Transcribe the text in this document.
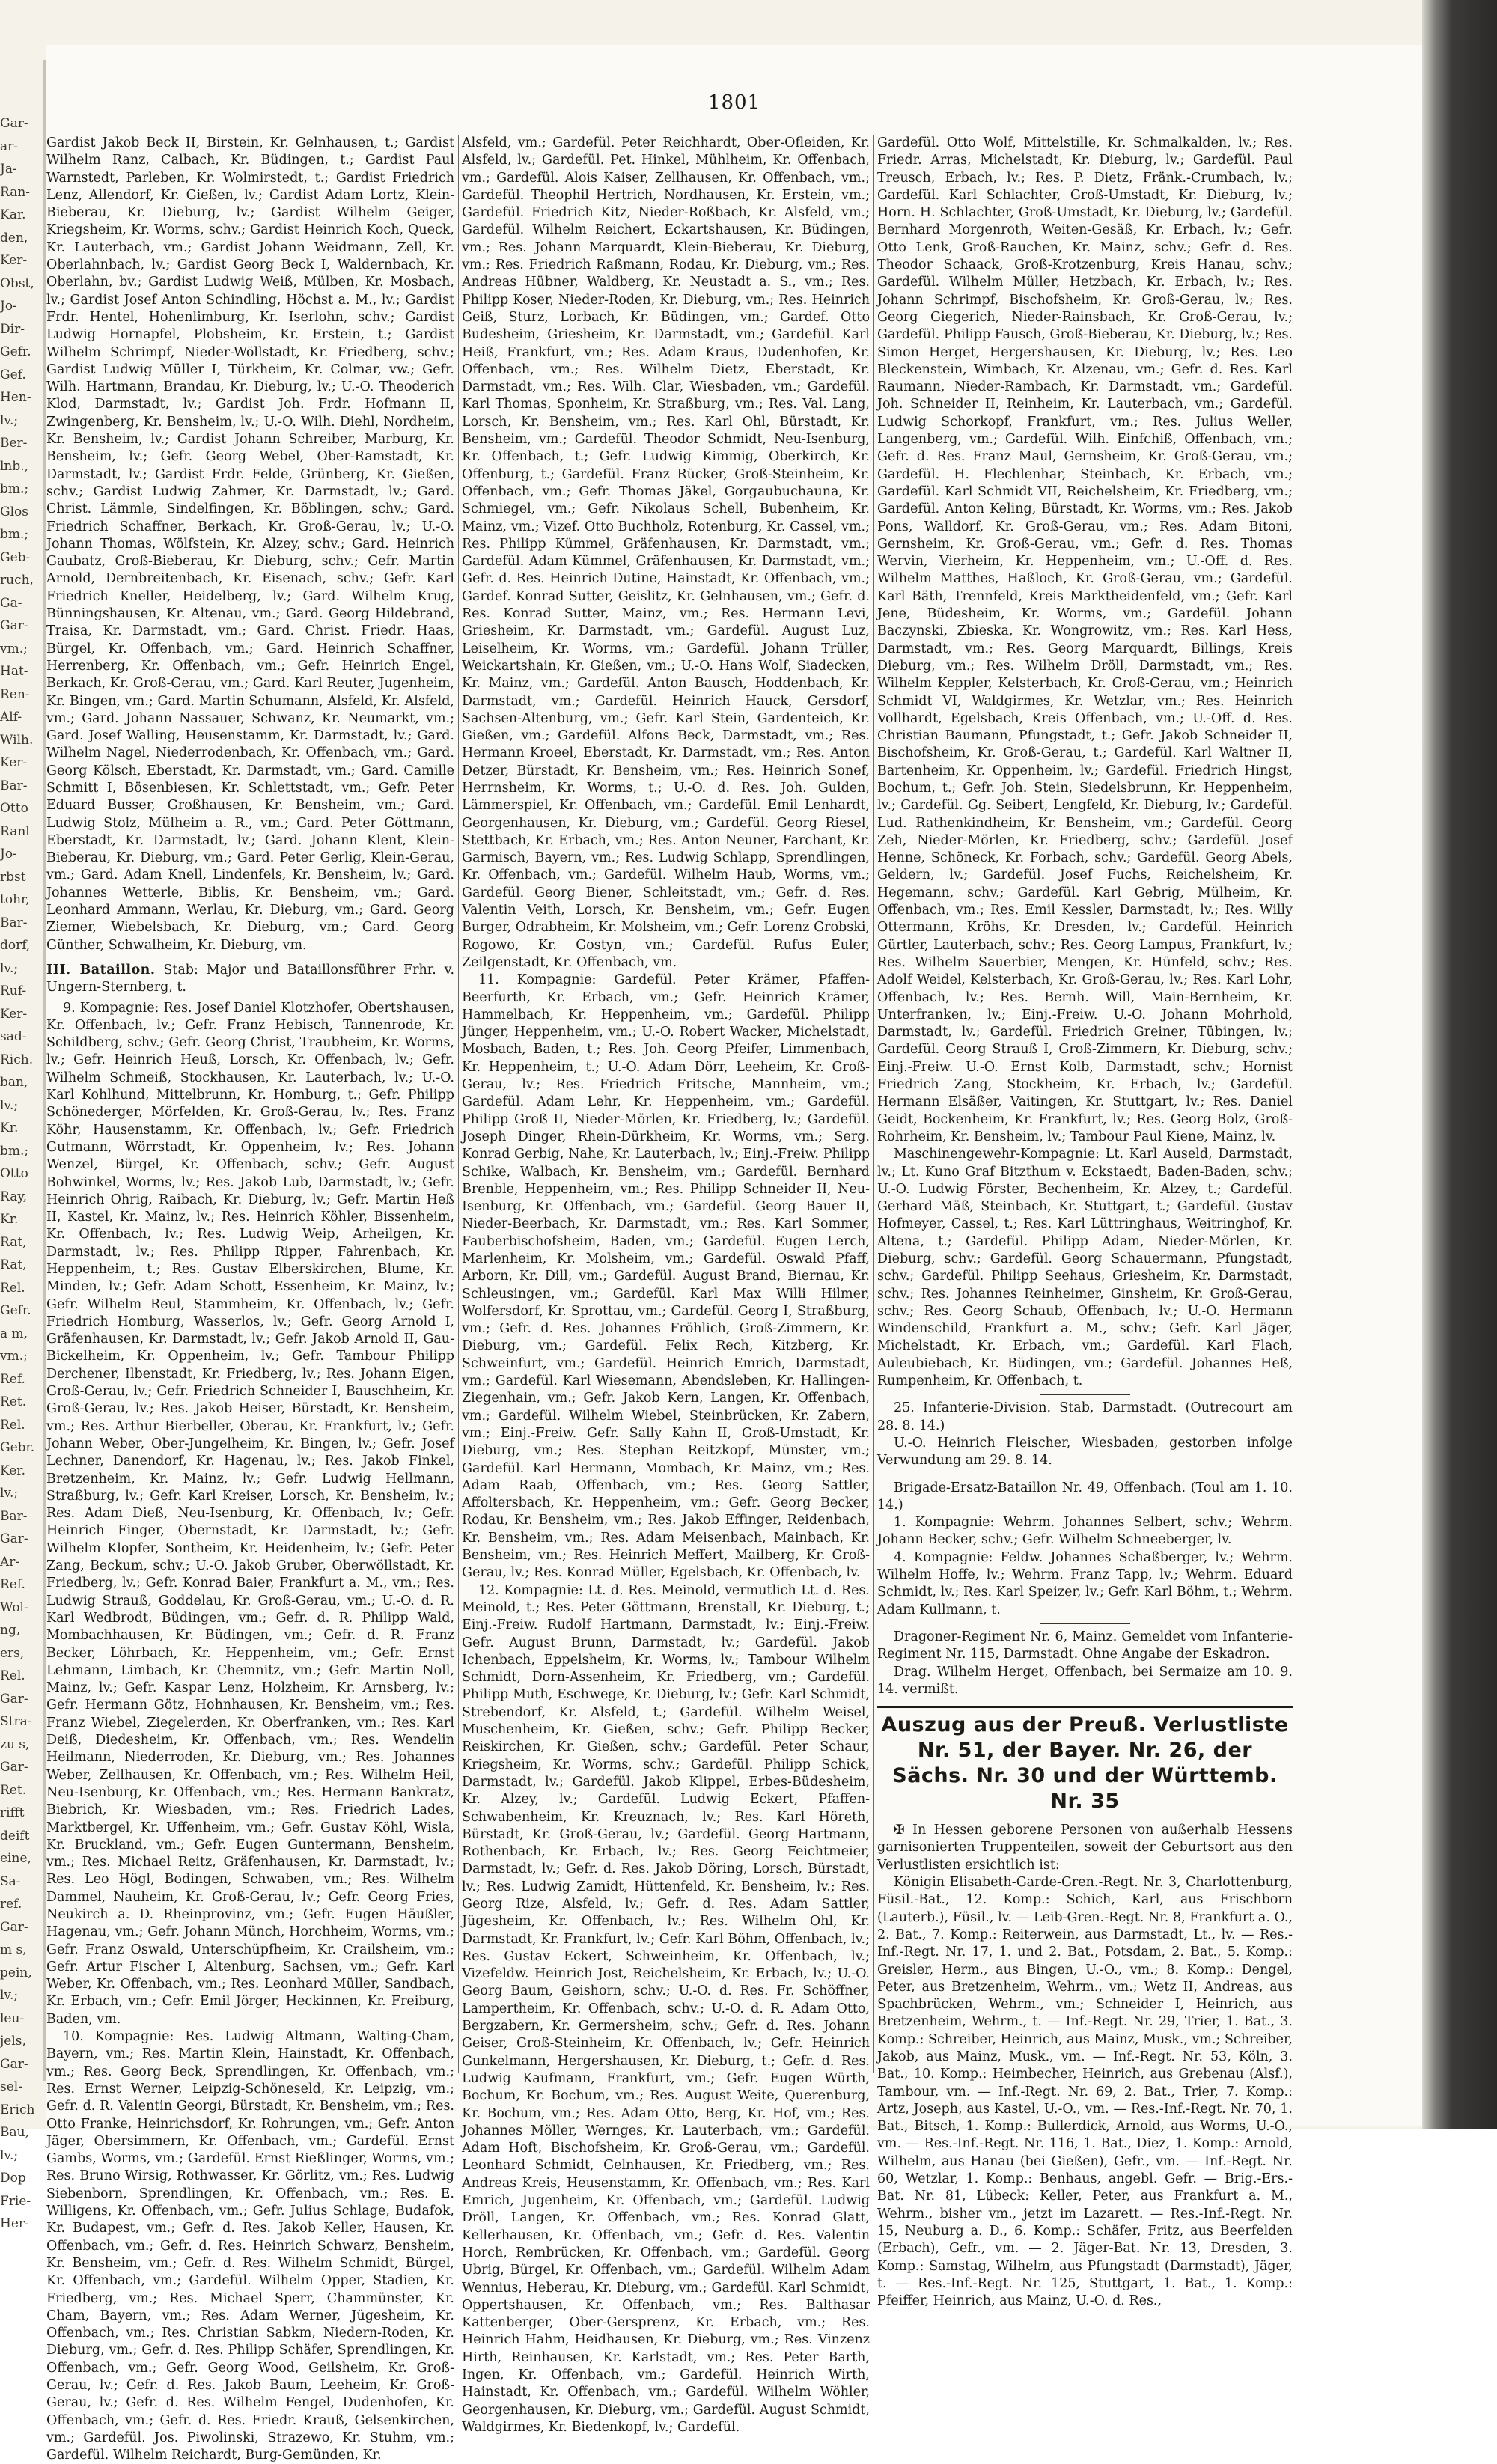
Gar-
ar-
Ja-
Ran-
Kar.
den,
Ker-
Obst,
Jo-
Dir-
Gefr.
Gef.
Hen-
lv.;
Ber-
lnb.,
bm.;
Glos
bm.;
Geb-
ruch,
Ga-
Gar-
vm.;
Hat-
Ren-
Alf-
Wilh.
Ker-
Bar-
Otto
Ranl
Jo-
rbst
tohr,
Bar-
dorf,
lv.;
Ruf-
Ker-
sad-
Rich.
ban,
lv.;
Kr.
bm.;
Otto
Ray,
Kr.
Rat,
Rat,
Rel.
Gefr.
a m,
vm.;
Ref.
Ret.
Rel.
Gebr.
Ker.
lv.;
Bar-
Gar-
Ar-
Ref.
Wol-
ng,
ers,
Rel.
Gar-
Stra-
zu s,
Gar-
Ret.
rifft
deift
eine,
Sa-
ref.
Gar-
m s,
pein,
lv.;
leu-
jels,
Gar-
sel-
Erich
Bau,
lv.;
Dop
Frie-
Her-
1801

Gardist Jakob Beck II, Birstein, Kr. Gelnhausen, t.; Gardist Wilhelm Ranz, Calbach, Kr. Büdingen, t.; Gardist Paul Warnstedt, Parleben, Kr. Wolmirstedt, t.; Gardist Friedrich Lenz, Allendorf, Kr. Gießen, lv.; Gardist Adam Lortz, Klein-Bieberau, Kr. Dieburg, lv.; Gardist Wilhelm Geiger, Kriegsheim, Kr. Worms, schv.; Gardist Heinrich Koch, Queck, Kr. Lauterbach, vm.; Gardist Johann Weidmann, Zell, Kr. Oberlahnbach, lv.; Gardist Georg Beck I, Waldernbach, Kr. Oberlahn, bv.; Gardist Ludwig Weiß, Mülben, Kr. Mosbach, lv.; Gardist Josef Anton Schindling, Höchst a. M., lv.; Gardist Frdr. Hentel, Hohenlimburg, Kr. Iserlohn, schv.; Gardist Ludwig Hornapfel, Plobsheim, Kr. Erstein, t.; Gardist Wilhelm Schrimpf, Nieder-Wöllstadt, Kr. Friedberg, schv.; Gardist Ludwig Müller I, Türkheim, Kr. Colmar, vw.; Gefr. Wilh. Hartmann, Brandau, Kr. Dieburg, lv.; U.-O. Theoderich Klod, Darmstadt, lv.; Gardist Joh. Frdr. Hofmann II, Zwingenberg, Kr. Bensheim, lv.; U.-O. Wilh. Diehl, Nordheim, Kr. Bensheim, lv.; Gardist Johann Schreiber, Marburg, Kr. Bensheim, lv.; Gefr. Georg Webel, Ober-Ramstadt, Kr. Darmstadt, lv.; Gardist Frdr. Felde, Grünberg, Kr. Gießen, schv.; Gardist Ludwig Zahmer, Kr. Darmstadt, lv.; Gard. Christ. Lämmle, Sindelfingen, Kr. Böblingen, schv.; Gard. Friedrich Schaffner, Berkach, Kr. Groß-Gerau, lv.; U.-O. Johann Thomas, Wölfstein, Kr. Alzey, schv.; Gard. Heinrich Gaubatz, Groß-Bieberau, Kr. Dieburg, schv.; Gefr. Martin Arnold, Dernbreitenbach, Kr. Eisenach, schv.; Gefr. Karl Friedrich Kneller, Heidelberg, lv.; Gard. Wilhelm Krug, Bünningshausen, Kr. Altenau, vm.; Gard. Georg Hildebrand, Traisa, Kr. Darmstadt, vm.; Gard. Christ. Friedr. Haas, Bürgel, Kr. Offenbach, vm.; Gard. Heinrich Schaffner, Herrenberg, Kr. Offenbach, vm.; Gefr. Heinrich Engel, Berkach, Kr. Groß-Gerau, vm.; Gard. Karl Reuter, Jugenheim, Kr. Bingen, vm.; Gard. Martin Schumann, Alsfeld, Kr. Alsfeld, vm.; Gard. Johann Nassauer, Schwanz, Kr. Neumarkt, vm.; Gard. Josef Walling, Heusenstamm, Kr. Darmstadt, lv.; Gard. Wilhelm Nagel, Niederrodenbach, Kr. Offenbach, vm.; Gard. Georg Kölsch, Eberstadt, Kr. Darmstadt, vm.; Gard. Camille Schmitt I, Bösenbiesen, Kr. Schlettstadt, vm.; Gefr. Peter Eduard Busser, Großhausen, Kr. Bensheim, vm.; Gard. Ludwig Stolz, Mülheim a. R., vm.; Gard. Peter Göttmann, Eberstadt, Kr. Darmstadt, lv.; Gard. Johann Klent, Klein-Bieberau, Kr. Dieburg, vm.; Gard. Peter Gerlig, Klein-Gerau, vm.; Gard. Adam Knell, Lindenfels, Kr. Bensheim, lv.; Gard. Johannes Wetterle, Biblis, Kr. Bensheim, vm.; Gard. Leonhard Ammann, Werlau, Kr. Dieburg, vm.; Gard. Georg Ziemer, Wiebelsbach, Kr. Dieburg, vm.; Gard. Georg Günther, Schwalheim, Kr. Dieburg, vm.

III. Bataillon. Stab: Major und Bataillonsführer Frhr. v. Ungern-Sternberg, t.

9. Kompagnie: Res. Josef Daniel Klotzhofer, Obertshausen, Kr. Offenbach, lv.; Gefr. Franz Hebisch, Tannenrode, Kr. Schildberg, schv.; Gefr. Georg Christ, Traubheim, Kr. Worms, lv.; Gefr. Heinrich Heuß, Lorsch, Kr. Offenbach, lv.; Gefr. Wilhelm Schmeiß, Stockhausen, Kr. Lauterbach, lv.; U.-O. Karl Kohlhund, Mittelbrunn, Kr. Homburg, t.; Gefr. Philipp Schönederger, Mörfelden, Kr. Groß-Gerau, lv.; Res. Franz Köhr, Hausenstamm, Kr. Offenbach, lv.; Gefr. Friedrich Gutmann, Wörrstadt, Kr. Oppenheim, lv.; Res. Johann Wenzel, Bürgel, Kr. Offenbach, schv.; Gefr. August Bohwinkel, Worms, lv.; Res. Jakob Lub, Darmstadt, lv.; Gefr. Heinrich Ohrig, Raibach, Kr. Dieburg, lv.; Gefr. Martin Heß II, Kastel, Kr. Mainz, lv.; Res. Heinrich Köhler, Bissenheim, Kr. Offenbach, lv.; Res. Ludwig Weip, Arheilgen, Kr. Darmstadt, lv.; Res. Philipp Ripper, Fahrenbach, Kr. Heppenheim, t.; Res. Gustav Elberskirchen, Blume, Kr. Minden, lv.; Gefr. Adam Schott, Essenheim, Kr. Mainz, lv.; Gefr. Wilhelm Reul, Stammheim, Kr. Offenbach, lv.; Gefr. Friedrich Homburg, Wasserlos, lv.; Gefr. Georg Arnold I, Gräfenhausen, Kr. Darmstadt, lv.; Gefr. Jakob Arnold II, Gau-Bickelheim, Kr. Oppenheim, lv.; Gefr. Tambour Philipp Derchener, Ilbenstadt, Kr. Friedberg, lv.; Res. Johann Eigen, Groß-Gerau, lv.; Gefr. Friedrich Schneider I, Bauschheim, Kr. Groß-Gerau, lv.; Res. Jakob Heiser, Bürstadt, Kr. Bensheim, vm.; Res. Arthur Bierbeller, Oberau, Kr. Frankfurt, lv.; Gefr. Johann Weber, Ober-Jungelheim, Kr. Bingen, lv.; Gefr. Josef Lechner, Danendorf, Kr. Hagenau, lv.; Res. Jakob Finkel, Bretzenheim, Kr. Mainz, lv.; Gefr. Ludwig Hellmann, Straßburg, lv.; Gefr. Karl Kreiser, Lorsch, Kr. Bensheim, lv.; Res. Adam Dieß, Neu-Isenburg, Kr. Offenbach, lv.; Gefr. Heinrich Finger, Obernstadt, Kr. Darmstadt, lv.; Gefr. Wilhelm Klopfer, Sontheim, Kr. Heidenheim, lv.; Gefr. Peter Zang, Beckum, schv.; U.-O. Jakob Gruber, Oberwöllstadt, Kr. Friedberg, lv.; Gefr. Konrad Baier, Frankfurt a. M., vm.; Res. Ludwig Strauß, Goddelau, Kr. Groß-Gerau, vm.; U.-O. d. R. Karl Wedbrodt, Büdingen, vm.; Gefr. d. R. Philipp Wald, Mombachhausen, Kr. Büdingen, vm.; Gefr. d. R. Franz Becker, Löhrbach, Kr. Heppenheim, vm.; Gefr. Ernst Lehmann, Limbach, Kr. Chemnitz, vm.; Gefr. Martin Noll, Mainz, lv.; Gefr. Kaspar Lenz, Holzheim, Kr. Arnsberg, lv.; Gefr. Hermann Götz, Hohnhausen, Kr. Bensheim, vm.; Res. Franz Wiebel, Ziegelerden, Kr. Oberfranken, vm.; Res. Karl Deiß, Diedesheim, Kr. Offenbach, vm.; Res. Wendelin Heilmann, Niederroden, Kr. Dieburg, vm.; Res. Johannes Weber, Zellhausen, Kr. Offenbach, vm.; Res. Wilhelm Heil, Neu-Isenburg, Kr. Offenbach, vm.; Res. Hermann Bankratz, Biebrich, Kr. Wiesbaden, vm.; Res. Friedrich Lades, Marktbergel, Kr. Uffenheim, vm.; Gefr. Gustav Köhl, Wisla, Kr. Bruckland, vm.; Gefr. Eugen Guntermann, Bensheim, vm.; Res. Michael Reitz, Gräfenhausen, Kr. Darmstadt, lv.; Res. Leo Högl, Bodingen, Schwaben, vm.; Res. Wilhelm Dammel, Nauheim, Kr. Groß-Gerau, lv.; Gefr. Georg Fries, Neukirch a. D. Rheinprovinz, vm.; Gefr. Eugen Häußler, Hagenau, vm.; Gefr. Johann Münch, Horchheim, Worms, vm.; Gefr. Franz Oswald, Unterschüpfheim, Kr. Crailsheim, vm.; Gefr. Artur Fischer I, Altenburg, Sachsen, vm.; Gefr. Karl Weber, Kr. Offenbach, vm.; Res. Leonhard Müller, Sandbach, Kr. Erbach, vm.; Gefr. Emil Jörger, Heckinnen, Kr. Freiburg, Baden, vm.

10. Kompagnie: Res. Ludwig Altmann, Walting-Cham, Bayern, vm.; Res. Martin Klein, Hainstadt, Kr. Offenbach, vm.; Res. Georg Beck, Sprendlingen, Kr. Offenbach, vm.; Res. Ernst Werner, Leipzig-Schöneseld, Kr. Leipzig, vm.; Gefr. d. R. Valentin Georgi, Bürstadt, Kr. Bensheim, vm.; Res. Otto Franke, Heinrichsdorf, Kr. Rohrungen, vm.; Gefr. Anton Jäger, Obersimmern, Kr. Offenbach, vm.; Gardefül. Ernst Gambs, Worms, vm.; Gardefül. Ernst Rießlinger, Worms, vm.; Res. Bruno Wirsig, Rothwasser, Kr. Görlitz, vm.; Res. Ludwig Siebenborn, Sprendlingen, Kr. Offenbach, vm.; Res. E. Willigens, Kr. Offenbach, vm.; Gefr. Julius Schlage, Budafok, Kr. Budapest, vm.; Gefr. d. Res. Jakob Keller, Hausen, Kr. Offenbach, vm.; Gefr. d. Res. Heinrich Schwarz, Bensheim, Kr. Bensheim, vm.; Gefr. d. Res. Wilhelm Schmidt, Bürgel, Kr. Offenbach, vm.; Gardefül. Wilhelm Opper, Stadien, Kr. Friedberg, vm.; Res. Michael Sperr, Chammünster, Kr. Cham, Bayern, vm.; Res. Adam Werner, Jügesheim, Kr. Offenbach, vm.; Res. Christian Sabkm, Niedern-Roden, Kr. Dieburg, vm.; Gefr. d. Res. Philipp Schäfer, Sprendlingen, Kr. Offenbach, vm.; Gefr. Georg Wood, Geilsheim, Kr. Groß-Gerau, lv.; Gefr. d. Res. Jakob Baum, Leeheim, Kr. Groß-Gerau, lv.; Gefr. d. Res. Wilhelm Fengel, Dudenhofen, Kr. Offenbach, vm.; Gefr. d. Res. Friedr. Krauß, Gelsenkirchen, vm.; Gardefül. Jos. Piwolinski, Strazewo, Kr. Stuhm, vm.; Gardefül. Wilhelm Reichardt, Burg-Gemünden, Kr.

Alsfeld, vm.; Gardefül. Peter Reichhardt, Ober-Ofleiden, Kr. Alsfeld, lv.; Gardefül. Pet. Hinkel, Mühlheim, Kr. Offenbach, vm.; Gardefül. Alois Kaiser, Zellhausen, Kr. Offenbach, vm.; Gardefül. Theophil Hertrich, Nordhausen, Kr. Erstein, vm.; Gardefül. Friedrich Kitz, Nieder-Roßbach, Kr. Alsfeld, vm.; Gardefül. Wilhelm Reichert, Eckartshausen, Kr. Büdingen, vm.; Res. Johann Marquardt, Klein-Bieberau, Kr. Dieburg, vm.; Res. Friedrich Raßmann, Rodau, Kr. Dieburg, vm.; Res. Andreas Hübner, Waldberg, Kr. Neustadt a. S., vm.; Res. Philipp Koser, Nieder-Roden, Kr. Dieburg, vm.; Res. Heinrich Geiß, Sturz, Lorbach, Kr. Büdingen, vm.; Gardef. Otto Budesheim, Griesheim, Kr. Darmstadt, vm.; Gardefül. Karl Heiß, Frankfurt, vm.; Res. Adam Kraus, Dudenhofen, Kr. Offenbach, vm.; Res. Wilhelm Dietz, Eberstadt, Kr. Darmstadt, vm.; Res. Wilh. Clar, Wiesbaden, vm.; Gardefül. Karl Thomas, Sponheim, Kr. Straßburg, vm.; Res. Val. Lang, Lorsch, Kr. Bensheim, vm.; Res. Karl Ohl, Bürstadt, Kr. Bensheim, vm.; Gardefül. Theodor Schmidt, Neu-Isenburg, Kr. Offenbach, t.; Gefr. Ludwig Kimmig, Oberkirch, Kr. Offenburg, t.; Gardefül. Franz Rücker, Groß-Steinheim, Kr. Offenbach, vm.; Gefr. Thomas Jäkel, Gorgaubuchauna, Kr. Schmiegel, vm.; Gefr. Nikolaus Schell, Bubenheim, Kr. Mainz, vm.; Vizef. Otto Buchholz, Rotenburg, Kr. Cassel, vm.; Res. Philipp Kümmel, Gräfenhausen, Kr. Darmstadt, vm.; Gardefül. Adam Kümmel, Gräfenhausen, Kr. Darmstadt, vm.; Gefr. d. Res. Heinrich Dutine, Hainstadt, Kr. Offenbach, vm.; Gardef. Konrad Sutter, Geislitz, Kr. Gelnhausen, vm.; Gefr. d. Res. Konrad Sutter, Mainz, vm.; Res. Hermann Levi, Griesheim, Kr. Darmstadt, vm.; Gardefül. August Luz, Leiselheim, Kr. Worms, vm.; Gardefül. Johann Trüller, Weickartshain, Kr. Gießen, vm.; U.-O. Hans Wolf, Siadecken, Kr. Mainz, vm.; Gardefül. Anton Bausch, Hoddenbach, Kr. Darmstadt, vm.; Gardefül. Heinrich Hauck, Gersdorf, Sachsen-Altenburg, vm.; Gefr. Karl Stein, Gardenteich, Kr. Gießen, vm.; Gardefül. Alfons Beck, Darmstadt, vm.; Res. Hermann Kroeel, Eberstadt, Kr. Darmstadt, vm.; Res. Anton Detzer, Bürstadt, Kr. Bensheim, vm.; Res. Heinrich Sonef, Herrnsheim, Kr. Worms, t.; U.-O. d. Res. Joh. Gulden, Lämmerspiel, Kr. Offenbach, vm.; Gardefül. Emil Lenhardt, Georgenhausen, Kr. Dieburg, vm.; Gardefül. Georg Riesel, Stettbach, Kr. Erbach, vm.; Res. Anton Neuner, Farchant, Kr. Garmisch, Bayern, vm.; Res. Ludwig Schlapp, Sprendlingen, Kr. Offenbach, vm.; Gardefül. Wilhelm Haub, Worms, vm.; Gardefül. Georg Biener, Schleitstadt, vm.; Gefr. d. Res. Valentin Veith, Lorsch, Kr. Bensheim, vm.; Gefr. Eugen Burger, Odrabheim, Kr. Molsheim, vm.; Gefr. Lorenz Grobski, Rogowo, Kr. Gostyn, vm.; Gardefül. Rufus Euler, Zeilgenstadt, Kr. Offenbach, vm.

11. Kompagnie: Gardefül. Peter Krämer, Pfaffen-Beerfurth, Kr. Erbach, vm.; Gefr. Heinrich Krämer, Hammelbach, Kr. Heppenheim, vm.; Gardefül. Philipp Jünger, Heppenheim, vm.; U.-O. Robert Wacker, Michelstadt, Mosbach, Baden, t.; Res. Joh. Georg Pfeifer, Limmenbach, Kr. Heppenheim, t.; U.-O. Adam Dörr, Leeheim, Kr. Groß-Gerau, lv.; Res. Friedrich Fritsche, Mannheim, vm.; Gardefül. Adam Lehr, Kr. Heppenheim, vm.; Gardefül. Philipp Groß II, Nieder-Mörlen, Kr. Friedberg, lv.; Gardefül. Joseph Dinger, Rhein-Dürkheim, Kr. Worms, vm.; Serg. Konrad Gerbig, Nahe, Kr. Lauterbach, lv.; Einj.-Freiw. Philipp Schike, Walbach, Kr. Bensheim, vm.; Gardefül. Bernhard Brenble, Heppenheim, vm.; Res. Philipp Schneider II, Neu-Isenburg, Kr. Offenbach, vm.; Gardefül. Georg Bauer II, Nieder-Beerbach, Kr. Darmstadt, vm.; Res. Karl Sommer, Fauberbischofsheim, Baden, vm.; Gardefül. Eugen Lerch, Marlenheim, Kr. Molsheim, vm.; Gardefül. Oswald Pfaff, Arborn, Kr. Dill, vm.; Gardefül. August Brand, Biernau, Kr. Schleusingen, vm.; Gardefül. Karl Max Willi Hilmer, Wolfersdorf, Kr. Sprottau, vm.; Gardefül. Georg I, Straßburg, vm.; Gefr. d. Res. Johannes Fröhlich, Groß-Zimmern, Kr. Dieburg, vm.; Gardefül. Felix Rech, Kitzberg, Kr. Schweinfurt, vm.; Gardefül. Heinrich Emrich, Darmstadt, vm.; Gardefül. Karl Wiesemann, Abendsleben, Kr. Hallingen-Ziegenhain, vm.; Gefr. Jakob Kern, Langen, Kr. Offenbach, vm.; Gardefül. Wilhelm Wiebel, Steinbrücken, Kr. Zabern, vm.; Einj.-Freiw. Gefr. Sally Kahn II, Groß-Umstadt, Kr. Dieburg, vm.; Res. Stephan Reitzkopf, Münster, vm.; Gardefül. Karl Hermann, Mombach, Kr. Mainz, vm.; Res. Adam Raab, Offenbach, vm.; Res. Georg Sattler, Affoltersbach, Kr. Heppenheim, vm.; Gefr. Georg Becker, Rodau, Kr. Bensheim, vm.; Res. Jakob Effinger, Reidenbach, Kr. Bensheim, vm.; Res. Adam Meisenbach, Mainbach, Kr. Bensheim, vm.; Res. Heinrich Meffert, Mailberg, Kr. Groß-Gerau, lv.; Res. Konrad Müller, Egelsbach, Kr. Offenbach, lv.

12. Kompagnie: Lt. d. Res. Meinold, vermutlich Lt. d. Res. Meinold, t.; Res. Peter Göttmann, Brenstall, Kr. Dieburg, t.; Einj.-Freiw. Rudolf Hartmann, Darmstadt, lv.; Einj.-Freiw. Gefr. August Brunn, Darmstadt, lv.; Gardefül. Jakob Ichenbach, Eppelsheim, Kr. Worms, lv.; Tambour Wilhelm Schmidt, Dorn-Assenheim, Kr. Friedberg, vm.; Gardefül. Philipp Muth, Eschwege, Kr. Dieburg, lv.; Gefr. Karl Schmidt, Strebendorf, Kr. Alsfeld, t.; Gardefül. Wilhelm Weisel, Muschenheim, Kr. Gießen, schv.; Gefr. Philipp Becker, Reiskirchen, Kr. Gießen, schv.; Gardefül. Peter Schaur, Kriegsheim, Kr. Worms, schv.; Gardefül. Philipp Schick, Darmstadt, lv.; Gardefül. Jakob Klippel, Erbes-Büdesheim, Kr. Alzey, lv.; Gardefül. Ludwig Eckert, Pfaffen-Schwabenheim, Kr. Kreuznach, lv.; Res. Karl Höreth, Bürstadt, Kr. Groß-Gerau, lv.; Gardefül. Georg Hartmann, Rothenbach, Kr. Erbach, lv.; Res. Georg Feichtmeier, Darmstadt, lv.; Gefr. d. Res. Jakob Döring, Lorsch, Bürstadt, lv.; Res. Ludwig Zamidt, Hüttenfeld, Kr. Bensheim, lv.; Res. Georg Rize, Alsfeld, lv.; Gefr. d. Res. Adam Sattler, Jügesheim, Kr. Offenbach, lv.; Res. Wilhelm Ohl, Kr. Darmstadt, Kr. Frankfurt, lv.; Gefr. Karl Böhm, Offenbach, lv.; Res. Gustav Eckert, Schweinheim, Kr. Offenbach, lv.; Vizefeldw. Heinrich Jost, Reichelsheim, Kr. Erbach, lv.; U.-O. Georg Baum, Geishorn, schv.; U.-O. d. Res. Fr. Schöffner, Lampertheim, Kr. Offenbach, schv.; U.-O. d. R. Adam Otto, Bergzabern, Kr. Germersheim, schv.; Gefr. d. Res. Johann Geiser, Groß-Steinheim, Kr. Offenbach, lv.; Gefr. Heinrich Gunkelmann, Hergershausen, Kr. Dieburg, t.; Gefr. d. Res. Ludwig Kaufmann, Frankfurt, vm.; Gefr. Eugen Würth, Bochum, Kr. Bochum, vm.; Res. August Weite, Querenburg, Kr. Bochum, vm.; Res. Adam Otto, Berg, Kr. Hof, vm.; Res. Johannes Möller, Wernges, Kr. Lauterbach, vm.; Gardefül. Adam Hoft, Bischofsheim, Kr. Groß-Gerau, vm.; Gardefül. Leonhard Schmidt, Gelnhausen, Kr. Friedberg, vm.; Res. Andreas Kreis, Heusenstamm, Kr. Offenbach, vm.; Res. Karl Emrich, Jugenheim, Kr. Offenbach, vm.; Gardefül. Ludwig Dröll, Langen, Kr. Offenbach, vm.; Res. Konrad Glatt, Kellerhausen, Kr. Offenbach, vm.; Gefr. d. Res. Valentin Horch, Rembrücken, Kr. Offenbach, vm.; Gardefül. Georg Ubrig, Bürgel, Kr. Offenbach, vm.; Gardefül. Wilhelm Adam Wennius, Heberau, Kr. Dieburg, vm.; Gardefül. Karl Schmidt, Oppertshausen, Kr. Offenbach, vm.; Res. Balthasar Kattenberger, Ober-Gersprenz, Kr. Erbach, vm.; Res. Heinrich Hahm, Heidhausen, Kr. Dieburg, vm.; Res. Vinzenz Hirth, Reinhausen, Kr. Karlstadt, vm.; Res. Peter Barth, Ingen, Kr. Offenbach, vm.; Gardefül. Heinrich Wirth, Hainstadt, Kr. Offenbach, vm.; Gardefül. Wilhelm Wöhler, Georgenhausen, Kr. Dieburg, vm.; Gardefül. August Schmidt, Waldgirmes, Kr. Biedenkopf, lv.; Gardefül.

Gardefül. Otto Wolf, Mittelstille, Kr. Schmalkalden, lv.; Res. Friedr. Arras, Michelstadt, Kr. Dieburg, lv.; Gardefül. Paul Treusch, Erbach, lv.; Res. P. Dietz, Fränk.-Crumbach, lv.; Gardefül. Karl Schlachter, Groß-Umstadt, Kr. Dieburg, lv.; Horn. H. Schlachter, Groß-Umstadt, Kr. Dieburg, lv.; Gardefül. Bernhard Morgenroth, Weiten-Gesäß, Kr. Erbach, lv.; Gefr. Otto Lenk, Groß-Rauchen, Kr. Mainz, schv.; Gefr. d. Res. Theodor Schaack, Groß-Krotzenburg, Kreis Hanau, schv.; Gardefül. Wilhelm Müller, Hetzbach, Kr. Erbach, lv.; Res. Johann Schrimpf, Bischofsheim, Kr. Groß-Gerau, lv.; Res. Georg Giegerich, Nieder-Rainsbach, Kr. Groß-Gerau, lv.; Gardefül. Philipp Fausch, Groß-Bieberau, Kr. Dieburg, lv.; Res. Simon Herget, Hergershausen, Kr. Dieburg, lv.; Res. Leo Bleckenstein, Wimbach, Kr. Alzenau, vm.; Gefr. d. Res. Karl Raumann, Nieder-Rambach, Kr. Darmstadt, vm.; Gardefül. Joh. Schneider II, Reinheim, Kr. Lauterbach, vm.; Gardefül. Ludwig Schorkopf, Frankfurt, vm.; Res. Julius Weller, Langenberg, vm.; Gardefül. Wilh. Einfchiß, Offenbach, vm.; Gefr. d. Res. Franz Maul, Gernsheim, Kr. Groß-Gerau, vm.; Gardefül. H. Flechlenhar, Steinbach, Kr. Erbach, vm.; Gardefül. Karl Schmidt VII, Reichelsheim, Kr. Friedberg, vm.; Gardefül. Anton Keling, Bürstadt, Kr. Worms, vm.; Res. Jakob Pons, Walldorf, Kr. Groß-Gerau, vm.; Res. Adam Bitoni, Gernsheim, Kr. Groß-Gerau, vm.; Gefr. d. Res. Thomas Wervin, Vierheim, Kr. Heppenheim, vm.; U.-Off. d. Res. Wilhelm Matthes, Haßloch, Kr. Groß-Gerau, vm.; Gardefül. Karl Bäth, Trennfeld, Kreis Marktheidenfeld, vm.; Gefr. Karl Jene, Büdesheim, Kr. Worms, vm.; Gardefül. Johann Baczynski, Zbieska, Kr. Wongrowitz, vm.; Res. Karl Hess, Darmstadt, vm.; Res. Georg Marquardt, Billings, Kreis Dieburg, vm.; Res. Wilhelm Dröll, Darmstadt, vm.; Res. Wilhelm Keppler, Kelsterbach, Kr. Groß-Gerau, vm.; Heinrich Schmidt VI, Waldgirmes, Kr. Wetzlar, vm.; Res. Heinrich Vollhardt, Egelsbach, Kreis Offenbach, vm.; U.-Off. d. Res. Christian Baumann, Pfungstadt, t.; Gefr. Jakob Schneider II, Bischofsheim, Kr. Groß-Gerau, t.; Gardefül. Karl Waltner II, Bartenheim, Kr. Oppenheim, lv.; Gardefül. Friedrich Hingst, Bochum, t.; Gefr. Joh. Stein, Siedelsbrunn, Kr. Heppenheim, lv.; Gardefül. Gg. Seibert, Lengfeld, Kr. Dieburg, lv.; Gardefül. Lud. Rathenkindheim, Kr. Bensheim, vm.; Gardefül. Georg Zeh, Nieder-Mörlen, Kr. Friedberg, schv.; Gardefül. Josef Henne, Schöneck, Kr. Forbach, schv.; Gardefül. Georg Abels, Geldern, lv.; Gardefül. Josef Fuchs, Reichelsheim, Kr. Hegemann, schv.; Gardefül. Karl Gebrig, Mülheim, Kr. Offenbach, vm.; Res. Emil Kessler, Darmstadt, lv.; Res. Willy Ottermann, Kröhs, Kr. Dresden, lv.; Gardefül. Heinrich Gürtler, Lauterbach, schv.; Res. Georg Lampus, Frankfurt, lv.; Res. Wilhelm Sauerbier, Mengen, Kr. Hünfeld, schv.; Res. Adolf Weidel, Kelsterbach, Kr. Groß-Gerau, lv.; Res. Karl Lohr, Offenbach, lv.; Res. Bernh. Will, Main-Bernheim, Kr. Unterfranken, lv.; Einj.-Freiw. U.-O. Johann Mohrhold, Darmstadt, lv.; Gardefül. Friedrich Greiner, Tübingen, lv.; Gardefül. Georg Strauß I, Groß-Zimmern, Kr. Dieburg, schv.; Einj.-Freiw. U.-O. Ernst Kolb, Darmstadt, schv.; Hornist Friedrich Zang, Stockheim, Kr. Erbach, lv.; Gardefül. Hermann Elsäßer, Vaitingen, Kr. Stuttgart, lv.; Res. Daniel Geidt, Bockenheim, Kr. Frankfurt, lv.; Res. Georg Bolz, Groß-Rohrheim, Kr. Bensheim, lv.; Tambour Paul Kiene, Mainz, lv.

Maschinengewehr-Kompagnie: Lt. Karl Auseld, Darmstadt, lv.; Lt. Kuno Graf Bitzthum v. Eckstaedt, Baden-Baden, schv.; U.-O. Ludwig Förster, Bechenheim, Kr. Alzey, t.; Gardefül. Gerhard Mäß, Steinbach, Kr. Stuttgart, t.; Gardefül. Gustav Hofmeyer, Cassel, t.; Res. Karl Lüttringhaus, Weitringhof, Kr. Altena, t.; Gardefül. Philipp Adam, Nieder-Mörlen, Kr. Dieburg, schv.; Gardefül. Georg Schauermann, Pfungstadt, schv.; Gardefül. Philipp Seehaus, Griesheim, Kr. Darmstadt, schv.; Res. Johannes Reinheimer, Ginsheim, Kr. Groß-Gerau, schv.; Res. Georg Schaub, Offenbach, lv.; U.-O. Hermann Windenschild, Frankfurt a. M., schv.; Gefr. Karl Jäger, Michelstadt, Kr. Erbach, vm.; Gardefül. Karl Flach, Auleubiebach, Kr. Büdingen, vm.; Gardefül. Johannes Heß, Rumpenheim, Kr. Offenbach, t.

25. Infanterie-Division. Stab, Darmstadt. (Outrecourt am 28. 8. 14.)

U.-O. Heinrich Fleischer, Wiesbaden, gestorben infolge Verwundung am 29. 8. 14.

Brigade-Ersatz-Bataillon Nr. 49, Offenbach. (Toul am 1. 10. 14.)

1. Kompagnie: Wehrm. Johannes Selbert, schv.; Wehrm. Johann Becker, schv.; Gefr. Wilhelm Schneeberger, lv.

4. Kompagnie: Feldw. Johannes Schaßberger, lv.; Wehrm. Wilhelm Hoffe, lv.; Wehrm. Franz Tapp, lv.; Wehrm. Eduard Schmidt, lv.; Res. Karl Speizer, lv.; Gefr. Karl Böhm, t.; Wehrm. Adam Kullmann, t.

Dragoner-Regiment Nr. 6, Mainz. Gemeldet vom Infanterie-Regiment Nr. 115, Darmstadt. Ohne Angabe der Eskadron.

Drag. Wilhelm Herget, Offenbach, bei Sermaize am 10. 9. 14. vermißt.

Auszug aus der Preuß. Verlustliste Nr. 51, der Bayer. Nr. 26, der Sächs. Nr. 30 und der Württemb. Nr. 35

✠ In Hessen geborene Personen von außerhalb Hessens garnisonierten Truppenteilen, soweit der Geburtsort aus den Verlustlisten ersichtlich ist:

Königin Elisabeth-Garde-Gren.-Regt. Nr. 3, Charlottenburg, Füsil.-Bat., 12. Komp.: Schich, Karl, aus Frischborn (Lauterb.), Füsil., lv. — Leib-Gren.-Regt. Nr. 8, Frankfurt a. O., 2. Bat., 7. Komp.: Reiterwein, aus Darmstadt, Lt., lv. — Res.-Inf.-Regt. Nr. 17, 1. und 2. Bat., Potsdam, 2. Bat., 5. Komp.: Greisler, Herm., aus Bingen, U.-O., vm.; 8. Komp.: Dengel, Peter, aus Bretzenheim, Wehrm., vm.; Wetz II, Andreas, aus Spachbrücken, Wehrm., vm.; Schneider I, Heinrich, aus Bretzenheim, Wehrm., t. — Inf.-Regt. Nr. 29, Trier, 1. Bat., 3. Komp.: Schreiber, Heinrich, aus Mainz, Musk., vm.; Schreiber, Jakob, aus Mainz, Musk., vm. — Inf.-Regt. Nr. 53, Köln, 3. Bat., 10. Komp.: Heimbecher, Heinrich, aus Grebenau (Alsf.), Tambour, vm. — Inf.-Regt. Nr. 69, 2. Bat., Trier, 7. Komp.: Artz, Joseph, aus Kastel, U.-O., vm. — Res.-Inf.-Regt. Nr. 70, 1. Bat., Bitsch, 1. Komp.: Bullerdick, Arnold, aus Worms, U.-O., vm. — Res.-Inf.-Regt. Nr. 116, 1. Bat., Diez, 1. Komp.: Arnold, Wilhelm, aus Hanau (bei Gießen), Gefr., vm. — Inf.-Regt. Nr. 60, Wetzlar, 1. Komp.: Benhaus, angebl. Gefr. — Brig.-Ers.-Bat. Nr. 81, Lübeck: Keller, Peter, aus Frankfurt a. M., Wehrm., bisher vm., jetzt im Lazarett. — Res.-Inf.-Regt. Nr. 15, Neuburg a. D., 6. Komp.: Schäfer, Fritz, aus Beerfelden (Erbach), Gefr., vm. — 2. Jäger-Bat. Nr. 13, Dresden, 3. Komp.: Samstag, Wilhelm, aus Pfungstadt (Darmstadt), Jäger, t. — Res.-Inf.-Regt. Nr. 125, Stuttgart, 1. Bat., 1. Komp.: Pfeiffer, Heinrich, aus Mainz, U.-O. d. Res.,
